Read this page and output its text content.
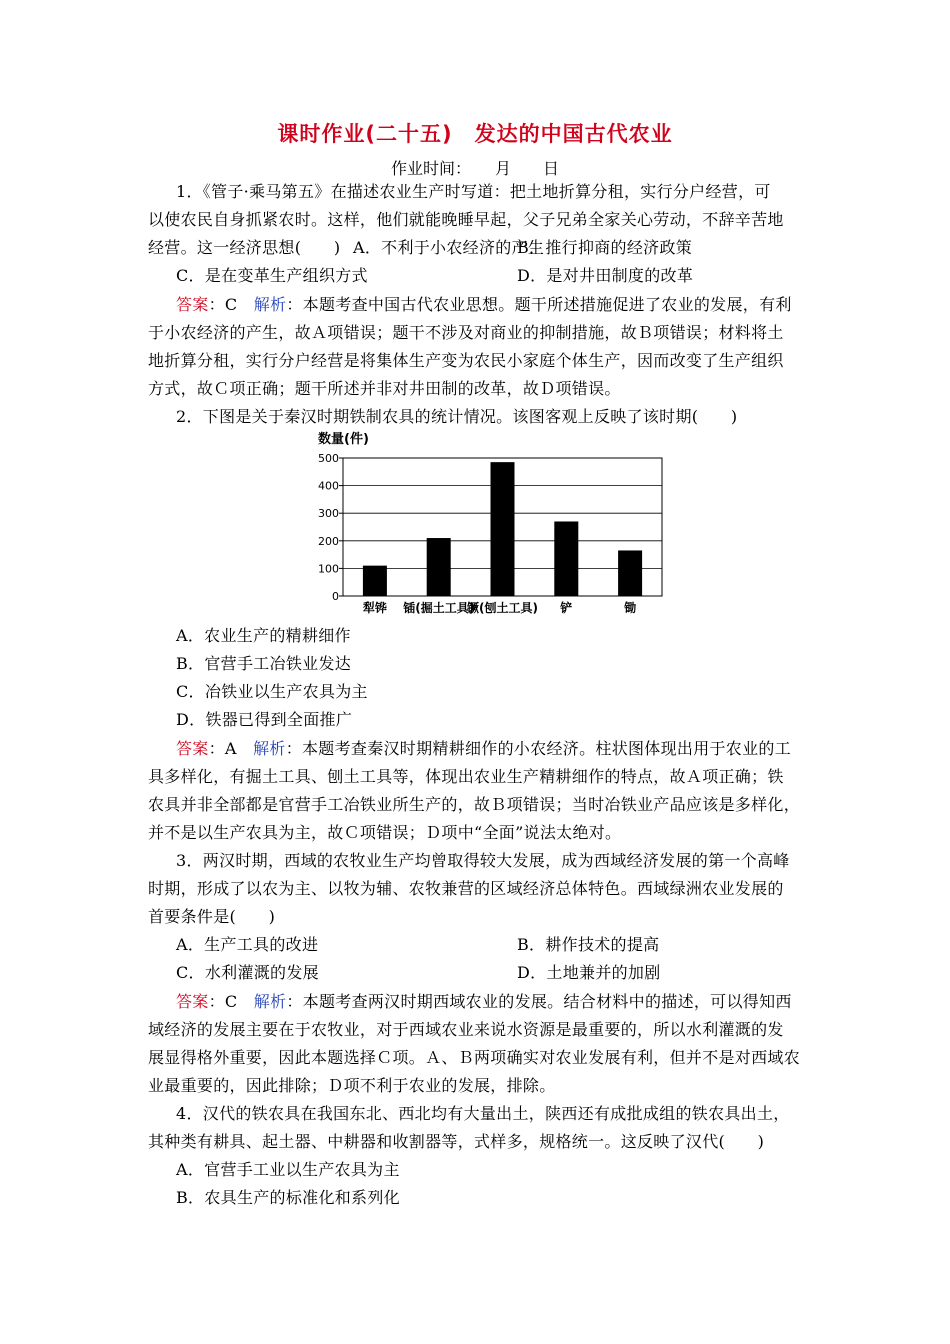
课时作业(二十五)　发达的中国古代农业
作业时间：　　月　　日
1．《管子·乘马第五》在描述农业生产时写道：把土地折算分租，实行分户经营，可
以使农民自身抓紧农时。这样，他们就能晚睡早起，父子兄弟全家关心劳动，不辞辛苦地
经营。这一经济思想(　　) A．不利于小农经济的产生
B．推行抑商的经济政策
C．是在变革生产组织方式	D．是对井田制度的改革
答案：C　解析：本题考查中国古代农业思想。题干所述措施促进了农业的发展，有利
于小农经济的产生，故Ａ项错误；题干不涉及对商业的抑制措施，故Ｂ项错误；材料将土
地折算分租，实行分户经营是将集体生产变为农民小家庭个体生产，因而改变了生产组织
方式，故Ｃ项正确；题干所述并非对井田制的改革，故Ｄ项错误。
2．下图是关于秦汉时期铁制农具的统计情况。该图客观上反映了该时期(　　)
数量(件)
0
100
200
300
400
500
犁铧 锸(掘土工具)
镢(刨土工具) 铲	锄
A．农业生产的精耕细作
B．官营手工冶铁业发达
C．冶铁业以生产农具为主
D．铁器已得到全面推广
答案：A　解析：本题考查秦汉时期精耕细作的小农经济。柱状图体现出用于农业的工
具多样化，有掘土工具、刨土工具等，体现出农业生产精耕细作的特点，故Ａ项正确；铁
农具并非全部都是官营手工冶铁业所生产的，故Ｂ项错误；当时冶铁业产品应该是多样化，
并不是以生产农具为主，故Ｃ项错误；Ｄ项中“全面”说法太绝对。
3．两汉时期，西域的农牧业生产均曾取得较大发展，成为西域经济发展的第一个高峰
时期，形成了以农为主、以牧为辅、农牧兼营的区域经济总体特色。西域绿洲农业发展的
首要条件是(　　)
A．生产工具的改进	B．耕作技术的提高
C．水利灌溉的发展	D．土地兼并的加剧
答案：C　解析：本题考查两汉时期西域农业的发展。结合材料中的描述，可以得知西
域经济的发展主要在于农牧业，对于西域农业来说水资源是最重要的，所以水利灌溉的发
展显得格外重要，因此本题选择Ｃ项。Ａ、Ｂ两项确实对农业发展有利，但并不是对西域农
业最重要的，因此排除；Ｄ项不利于农业的发展，排除。
4．汉代的铁农具在我国东北、西北均有大量出土，陕西还有成批成组的铁农具出土，
其种类有耕具、起土器、中耕器和收割器等，式样多，规格统一。这反映了汉代(　　)
A．官营手工业以生产农具为主
B．农具生产的标准化和系列化
